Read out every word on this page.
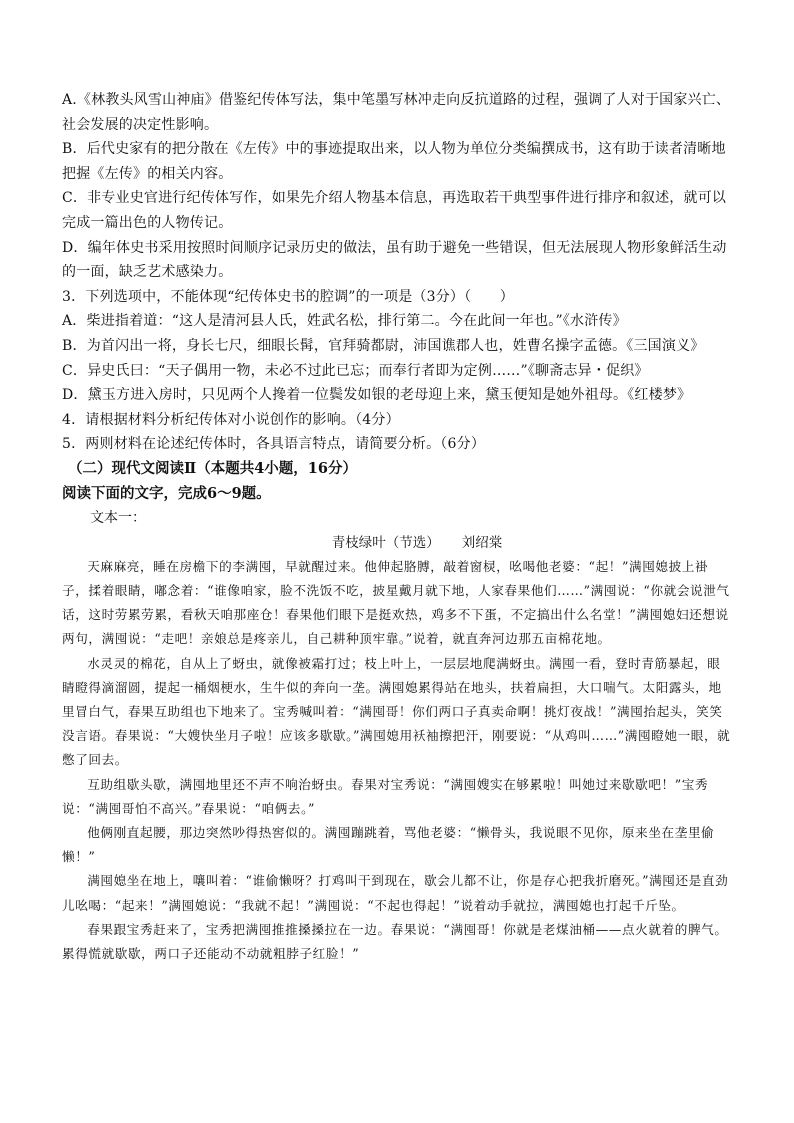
A.《林教头风雪山神庙》借鉴纪传体写法，集中笔墨写林冲走向反抗道路的过程，强调了人对于国家兴亡、社会发展的决定性影响。

B．后代史家有的把分散在《左传》中的事迹提取出来，以人物为单位分类编撰成书，这有助于读者清晰地把握《左传》的相关内容。

C．非专业史官进行纪传体写作，如果先介绍人物基本信息，再选取若干典型事件进行排序和叙述，就可以完成一篇出色的人物传记。

D．编年体史书采用按照时间顺序记录历史的做法，虽有助于避免一些错误，但无法展现人物形象鲜活生动的一面，缺乏艺术感染力。

3．下列选项中，不能体现“纪传体史书的腔调”的一项是（3分）（　　）

A．柴进指着道：“这人是清河县人氏，姓武名松，排行第二。今在此间一年也。”《水浒传》

B．为首闪出一将，身长七尺，细眼长髯，官拜骑都尉，沛国谯郡人也，姓曹名操字孟德。《三国演义》

C．异史氏曰：“天子偶用一物，未必不过此已忘；而奉行者即为定例……”《聊斋志异・促织》

D．黛玉方进入房时，只见两个人搀着一位鬓发如银的老母迎上来，黛玉便知是她外祖母。《红楼梦》

4．请根据材料分析纪传体对小说创作的影响。（4分）

5．两则材料在论述纪传体时，各具语言特点，请简要分析。（6分）

（二）现代文阅读Ⅱ（本题共4小题，16分）

阅读下面的文字，完成6～9题。

文本一：

青枝绿叶（节选） 刘绍棠

天麻麻亮，睡在房檐下的李满囤，早就醒过来。他伸起胳膊，敲着窗棂，吆喝他老婆：“起！”满囤媳披上褂子，揉着眼睛，嘟念着：“谁像咱家，脸不洗饭不吃，披星戴月就下地，人家春果他们……”满囤说：“你就会说泄气话，这时劳累劳累，看秋天咱那座仓！春果他们眼下是挺欢热，鸡多不下蛋，不定搞出什么名堂！”满囤媳妇还想说两句，满囤说：“走吧！亲娘总是疼亲儿，自己耕种顶牢靠。”说着，就直奔河边那五亩棉花地。

水灵灵的棉花，自从上了蚜虫，就像被霜打过；枝上叶上，一层层地爬满蚜虫。满囤一看，登时青筋暴起，眼睛瞪得滴溜圆，提起一桶烟梗水，生牛似的奔向一垄。满囤媳累得站在地头，扶着扁担，大口喘气。太阳露头，地里冒白气，春果互助组也下地来了。宝秀喊叫着：“满囤哥！你们两口子真卖命啊！挑灯夜战！”满囤抬起头，笑笑没言语。春果说：“大嫂快坐月子啦！应该多歇歇。”满囤媳用袄袖擦把汗，刚要说：“从鸡叫……”满囤瞪她一眼，就憋了回去。

互助组歇头歇，满囤地里还不声不响治蚜虫。春果对宝秀说：“满囤嫂实在够累啦！叫她过来歇歇吧！”宝秀说：“满囤哥怕不高兴。”春果说：“咱俩去。”

他俩刚直起腰，那边突然吵得热窖似的。满囤蹦跳着，骂他老婆：“懒骨头，我说眼不见你，原来坐在垄里偷懒！”

满囤媳坐在地上，嚷叫着：“谁偷懒呀？打鸡叫干到现在，歇会儿都不让，你是存心把我折磨死。”满囤还是直劲儿吆喝：“起来！”满囤媳说：“我就不起！”满囤说：“不起也得起！”说着动手就拉，满囤媳也打起千斤坠。

春果跟宝秀赶来了，宝秀把满囤推推搡搡拉在一边。春果说：“满囤哥！你就是老煤油桶——点火就着的脾气。累得慌就歇歇，两口子还能动不动就粗脖子红脸！”
